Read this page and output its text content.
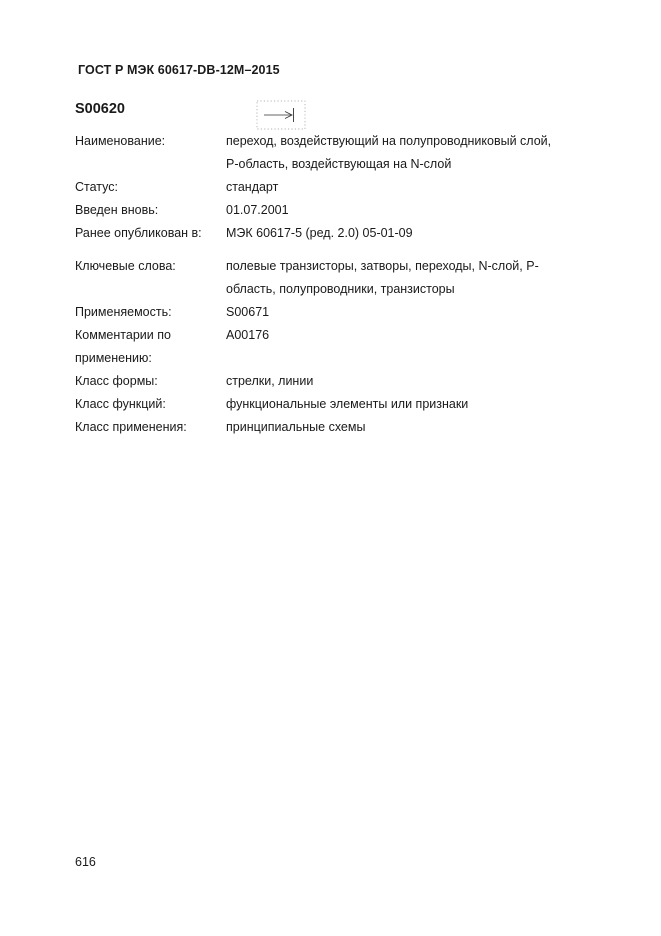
ГОСТ Р МЭК 60617-DB-12M–2015
S00620
Наименование:	переход, воздействующий на полупроводниковый слой,
Р-область, воздействующая на N-слой
Статус:	стандарт
Введен вновь:	01.07.2001
Ранее опубликован в: МЭК 60617-5 (ред. 2.0) 05-01-09
Ключевые слова:	полевые транзисторы, затворы, переходы, N-слой, Р-
область, полупроводники, транзисторы
Применяемость:	S00671
Комментарии по
применению:
A00176
Класс формы:	стрелки, линии
Класс функций:	функциональные элементы или признаки
Класс применения:	принципиальные схемы
616
